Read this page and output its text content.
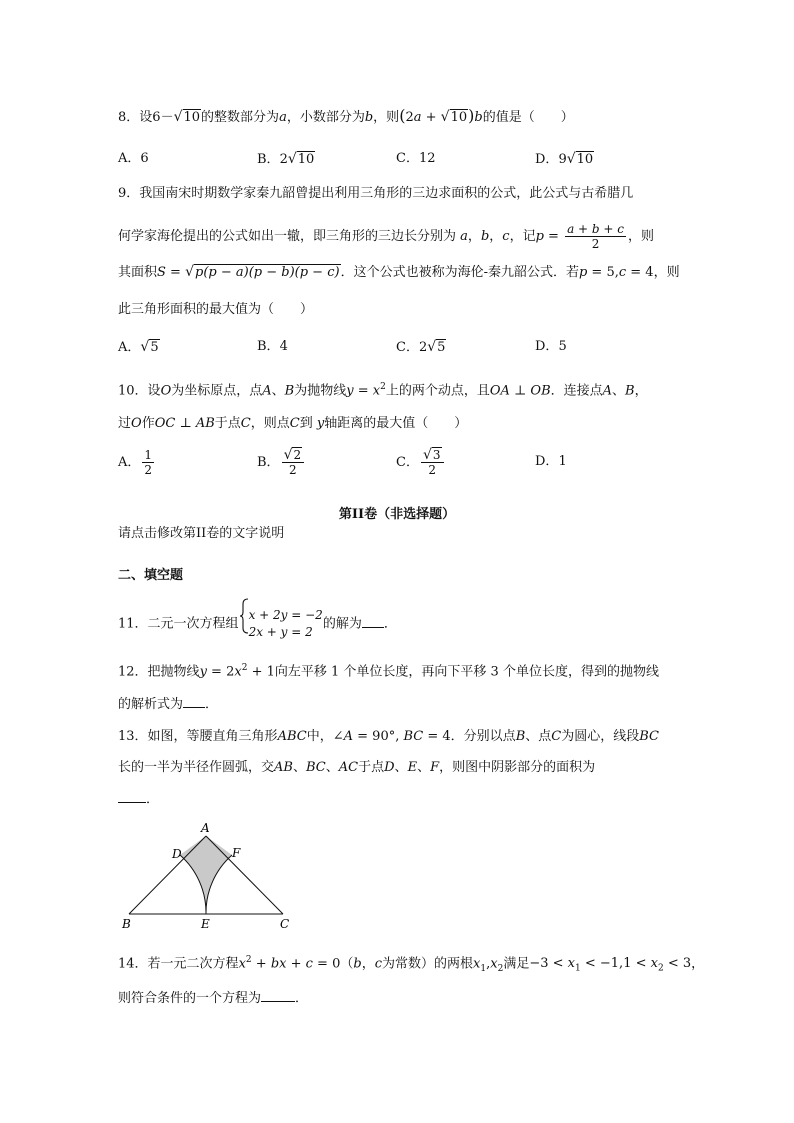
8．设6－√10的整数部分为a，小数部分为b，则(2a + √10)b的值是（　　）
A．6	B．2√10	C．12	D．9√10
9．我国南宋时期数学家秦九韶曾提出利用三角形的三边求面积的公式，此公式与古希腊几
何学家海伦提出的公式如出一辙，即三角形的三边长分别为 a，b，c，记$p = \frac{a + b + c}{2}$ ，则
其面积S = √p(p − a)(p − b)(p − c)．这个公式也被称为海伦-秦九韶公式．若p = 5,c = 4，则
此三角形面积的最大值为（　　）
A．√5	B．4	C．2√5	D．5
10．设O为坐标原点，点A、B为抛物线$y = x^2$上的两个动点，且OA ⊥ OB．连接点A、B，
过O作OC ⊥ AB于点C，则点C到 y轴距离的最大值（　　）
A． $\frac{1}{2}$	B． $\frac{√2}{2}$	C． $\frac{√3}{2}$	D．1
第II卷（非选择题）
请点击修改第II卷的文字说明
二、填空题
11．二元一次方程组
x + 2y = −2
2x + y = 2
的解为 ．
12．把抛物线$y = 2x^2 + 1$向左平移 1 个单位长度，再向下平移 3 个单位长度，得到的抛物线
的解析式为 ．
13．如图，等腰直角三角形ABC中，∠A = 90°, BC = 4．分别以点B、点C为圆心，线段BC
长的一半为半径作圆弧，交AB、BC、AC于点D、E、F，则图中阴影部分的面积为
．
A
D	F
B	E	C
14．若一元二次方程$x^2$ + bx + c = 0（b，c为常数）的两根$x_1,x_2$满足$-3 < x_1 < -1,1 < x_2 < 3$，
则符合条件的一个方程为	．
